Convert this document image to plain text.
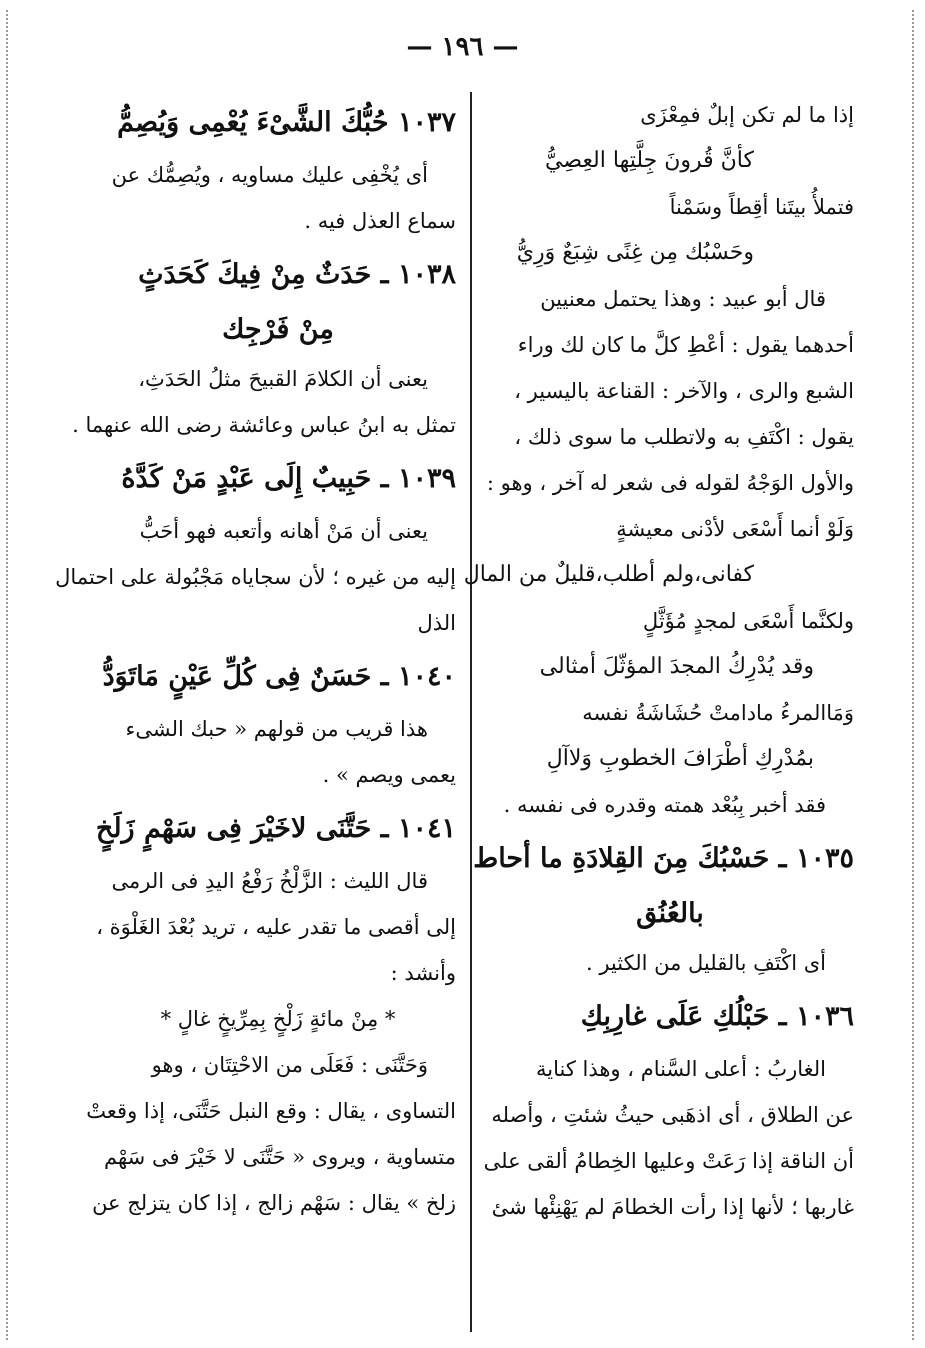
— ١٩٦ —

إذا ما لم تكن إبلٌ فمِعْزَى

كأنَّ قُرونَ جِلَّتِها العِصِيُّ

فتملأُ بيتَنا أقِطاً وسَمْناً

وحَسْبُك مِن غِنًى شِبَعٌ وَرِيُّ

قال أبو عبيد : وهذا يحتمل معنيين

أحدهما يقول : أعْطِ كلَّ ما كان لك وراء

الشبع والرى ، والآخر : القناعة باليسير ،

يقول : اكْتَفِ به ولاتطلب ما سوى ذلك ،

والأول الوَجْهُ لقوله فى شعر له آخر ، وهو :

وَلَوْ أنما أَسْعَى لأدْنى معيشةٍ

كفانى،ولم أطلب،قليلٌ من المال

ولكنَّما أَسْعَى لمجدٍ مُؤَثَّلٍ

وقد يُدْرِكُ المجدَ المؤثّلَ أمثالى

وَمَاالمرءُ مادامتْ حُشَاشَةُ نفسه

بمُدْرِكِ أطْرَافَ الخطوبِ وَلاآلِ

فقد أخبر بِبُعْد همته وقدره فى نفسه .

١٠٣٥ ـ حَسْبُكَ مِنَ القِلادَةِ ما أحاط

بالعُنُق

أى اكْتَفِ بالقليل من الكثير .

١٠٣٦ ـ حَبْلُكِ عَلَى غارِبِكِ

الغاربُ : أعلى السَّنام ، وهذا كناية

عن الطلاق ، أى اذهَبى حيثُ شئتِ ، وأصله

أن الناقة إذا رَعَتْ وعليها الخِطامُ ألقى على

غاربها ؛ لأنها إذا رأت الخطامَ لم يَهْنِئْها شئ

١٠٣٧ حُبُّكَ الشَّىْءَ يُعْمِى وَيُصِمُّ

أى يُخْفِى عليك مساويه ، ويُصِمُّك عن

سماع العذل فيه .

١٠٣٨ ـ حَدَثٌ مِنْ فِيكَ كَحَدَثٍ

مِنْ فَرْجِك

يعنى أن الكلامَ القبيحَ مثلُ الحَدَثِ،

تمثل به ابنُ عباس وعائشة رضى الله عنهما .

١٠٣٩ ـ حَبِيبٌ إِلَى عَبْدٍ مَنْ كَدَّهُ

يعنى أن مَنْ أهانه وأتعبه فهو أحَبُّ

إليه من غيره ؛ لأن سجاياه مَجْبُولة على احتمال

الذل

١٠٤٠ ـ حَسَنٌ فِى كُلِّ عَيْنٍ مَاتَوَدُّ

هذا قريب من قولهم « حبك الشىء

يعمى ويصم » .

١٠٤١ ـ حَتَّنَى لاخَيْرَ فِى سَهْمٍ زَلَخٍ

قال الليث : الزَّلْخُ رَفْعُ اليدِ فى الرمى

إلى أقصى ما تقدر عليه ، تريد بُعْدَ الغَلْوَة ،

وأنشد :

* مِنْ مائةٍ زَلْخٍ بِمِرِّيخٍ غالٍ *

وَحَتَّنَى : فَعَلَى من الاحْتِتَان ، وهو

التساوى ، يقال : وقع النبل حَتَّنَى، إذا وقعتْ

متساوية ، ويروى « حَتَّنَى لا خَيْرَ فى سَهْم

زلخ » يقال : سَهْم زالج ، إذا كان يتزلج عن
